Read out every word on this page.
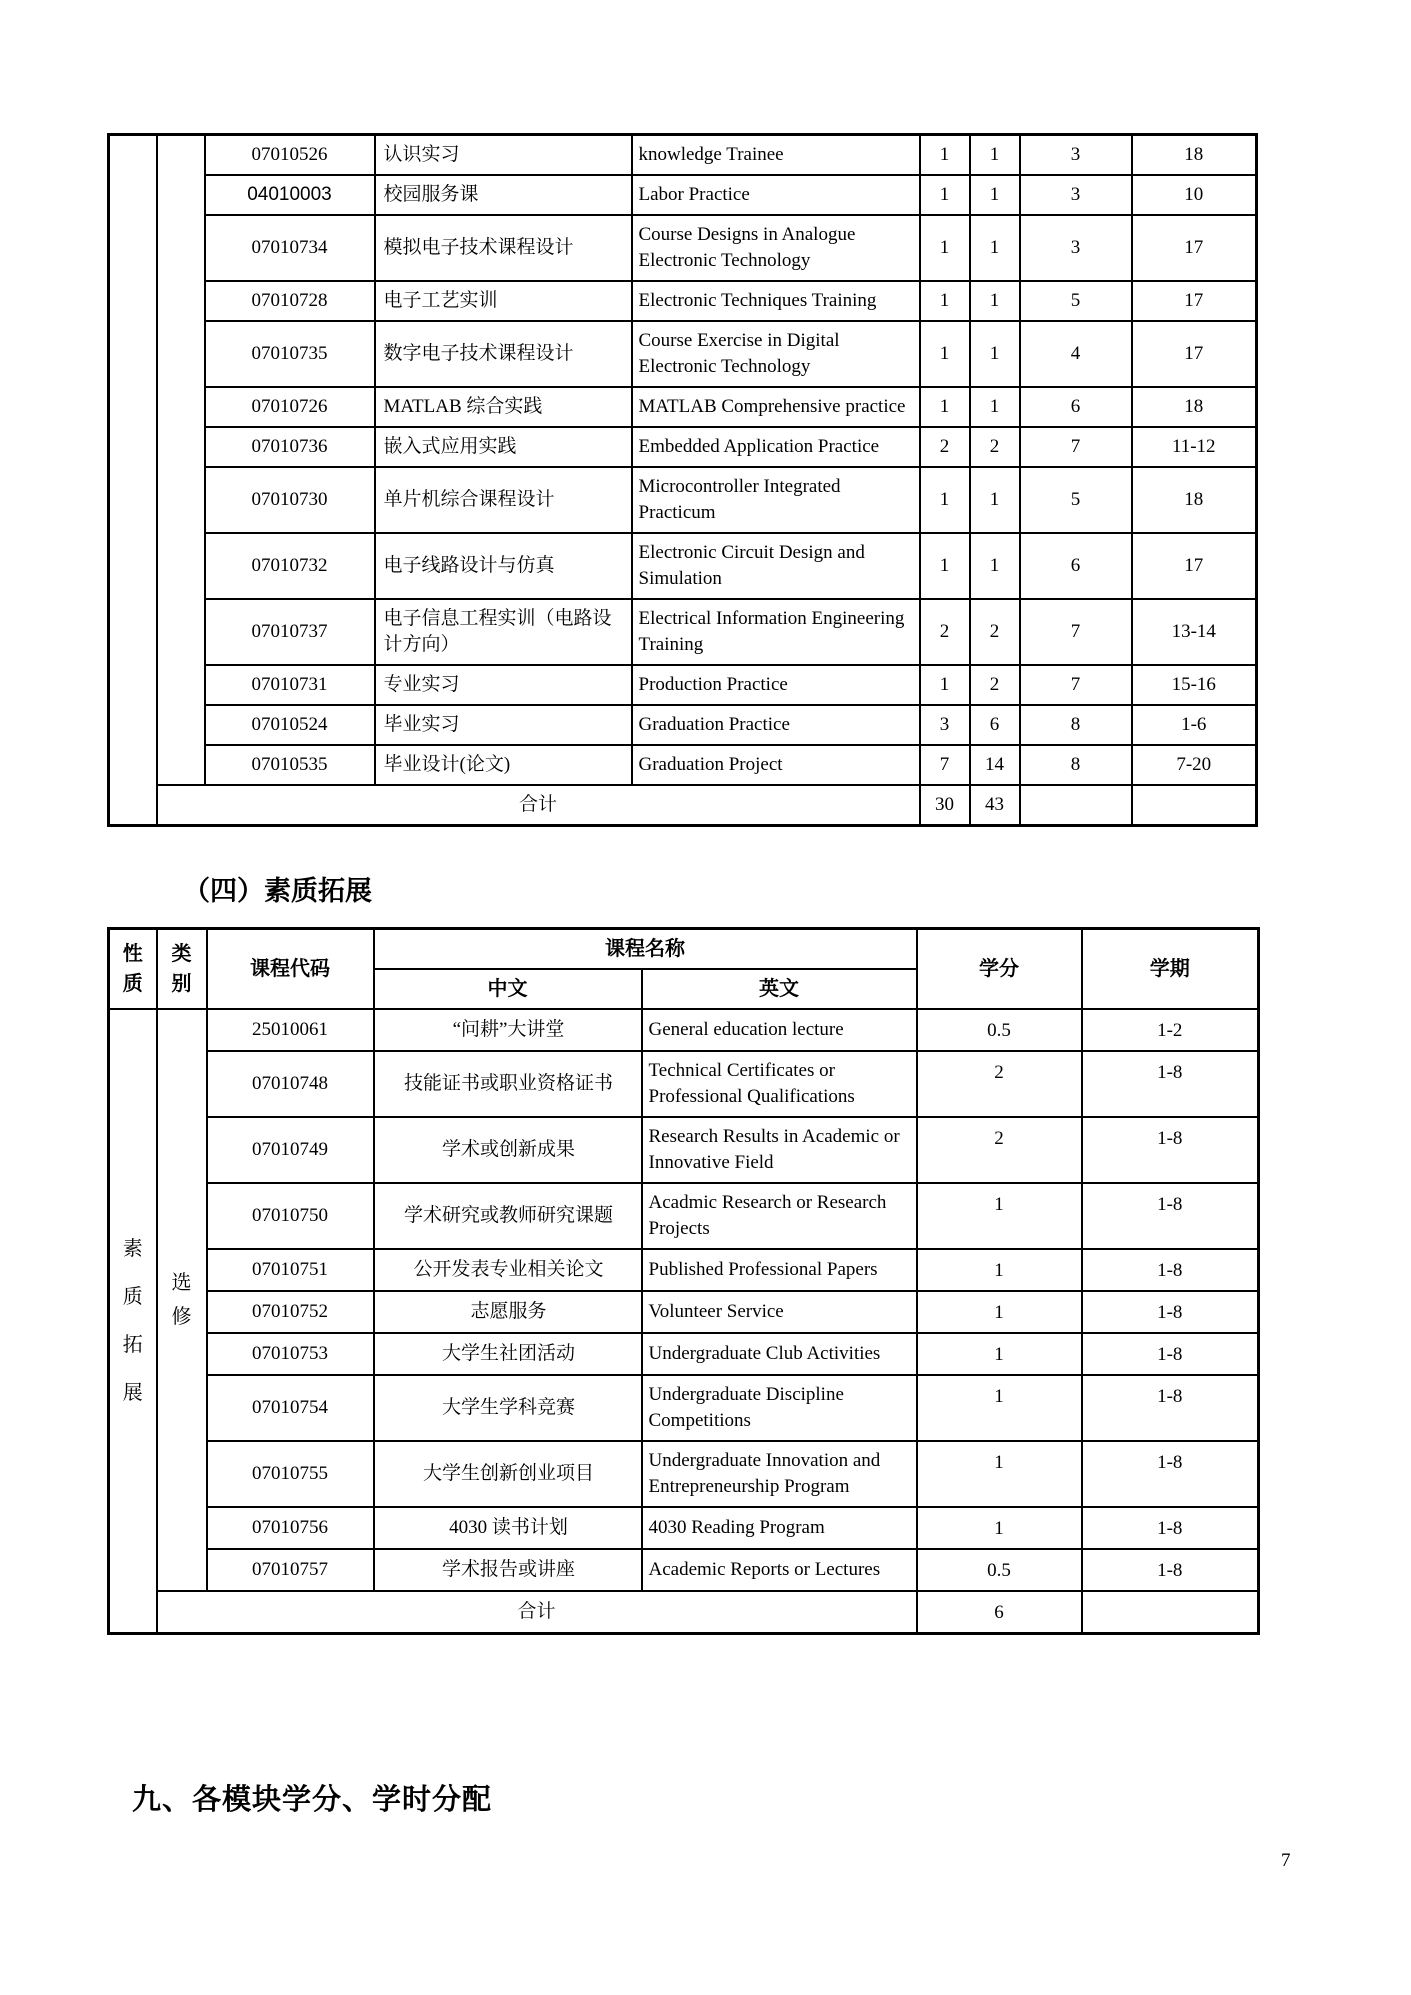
		07010526	认识实习	knowledge Trainee	1	1	3	18
		04010003	校园服务课	Labor Practice	1	1	3	10
		07010734	模拟电子技术课程设计	Course Designs in Analogue Electronic Technology	1	1	3	17
		07010728	电子工艺实训	Electronic Techniques Training	1	1	5	17
		07010735	数字电子技术课程设计	Course Exercise in Digital Electronic Technology	1	1	4	17
		07010726	MATLAB 综合实践	MATLAB Comprehensive practice	1	1	6	18
		07010736	嵌入式应用实践	Embedded Application Practice	2	2	7	11-12
		07010730	单片机综合课程设计	Microcontroller Integrated Practicum	1	1	5	18
		07010732	电子线路设计与仿真	Electronic Circuit Design and Simulation	1	1	6	17
		07010737	电子信息工程实训（电路设计方向）	Electrical Information Engineering Training	2	2	7	13-14
		07010731	专业实习	Production Practice	1	2	7	15-16
		07010524	毕业实习	Graduation Practice	3	6	8	1-6
		07010535	毕业设计(论文)	Graduation Project	7	14	8	7-20
	合计				30	43		
（四）素质拓展
性质	类别	课程代码	课程名称		学分	学期
			中文	英文		
素质拓展	选修	25010061	“问耕”大讲堂	General education lecture	0.5	1-2
		07010748	技能证书或职业资格证书	Technical Certificates or Professional Qualifications	2	1-8
		07010749	学术或创新成果	Research Results in Academic or Innovative Field	2	1-8
		07010750	学术研究或教师研究课题	Acadmic Research or Research Projects	1	1-8
		07010751	公开发表专业相关论文	Published Professional Papers	1	1-8
		07010752	志愿服务	Volunteer Service	1	1-8
		07010753	大学生社团活动	Undergraduate Club Activities	1	1-8
		07010754	大学生学科竞赛	Undergraduate Discipline Competitions	1	1-8
		07010755	大学生创新创业项目	Undergraduate Innovation and Entrepreneurship Program	1	1-8
		07010756	4030 读书计划	4030 Reading Program	1	1-8
		07010757	学术报告或讲座	Academic Reports or Lectures	0.5	1-8
	合计				6	
九、各模块学分、学时分配
7
